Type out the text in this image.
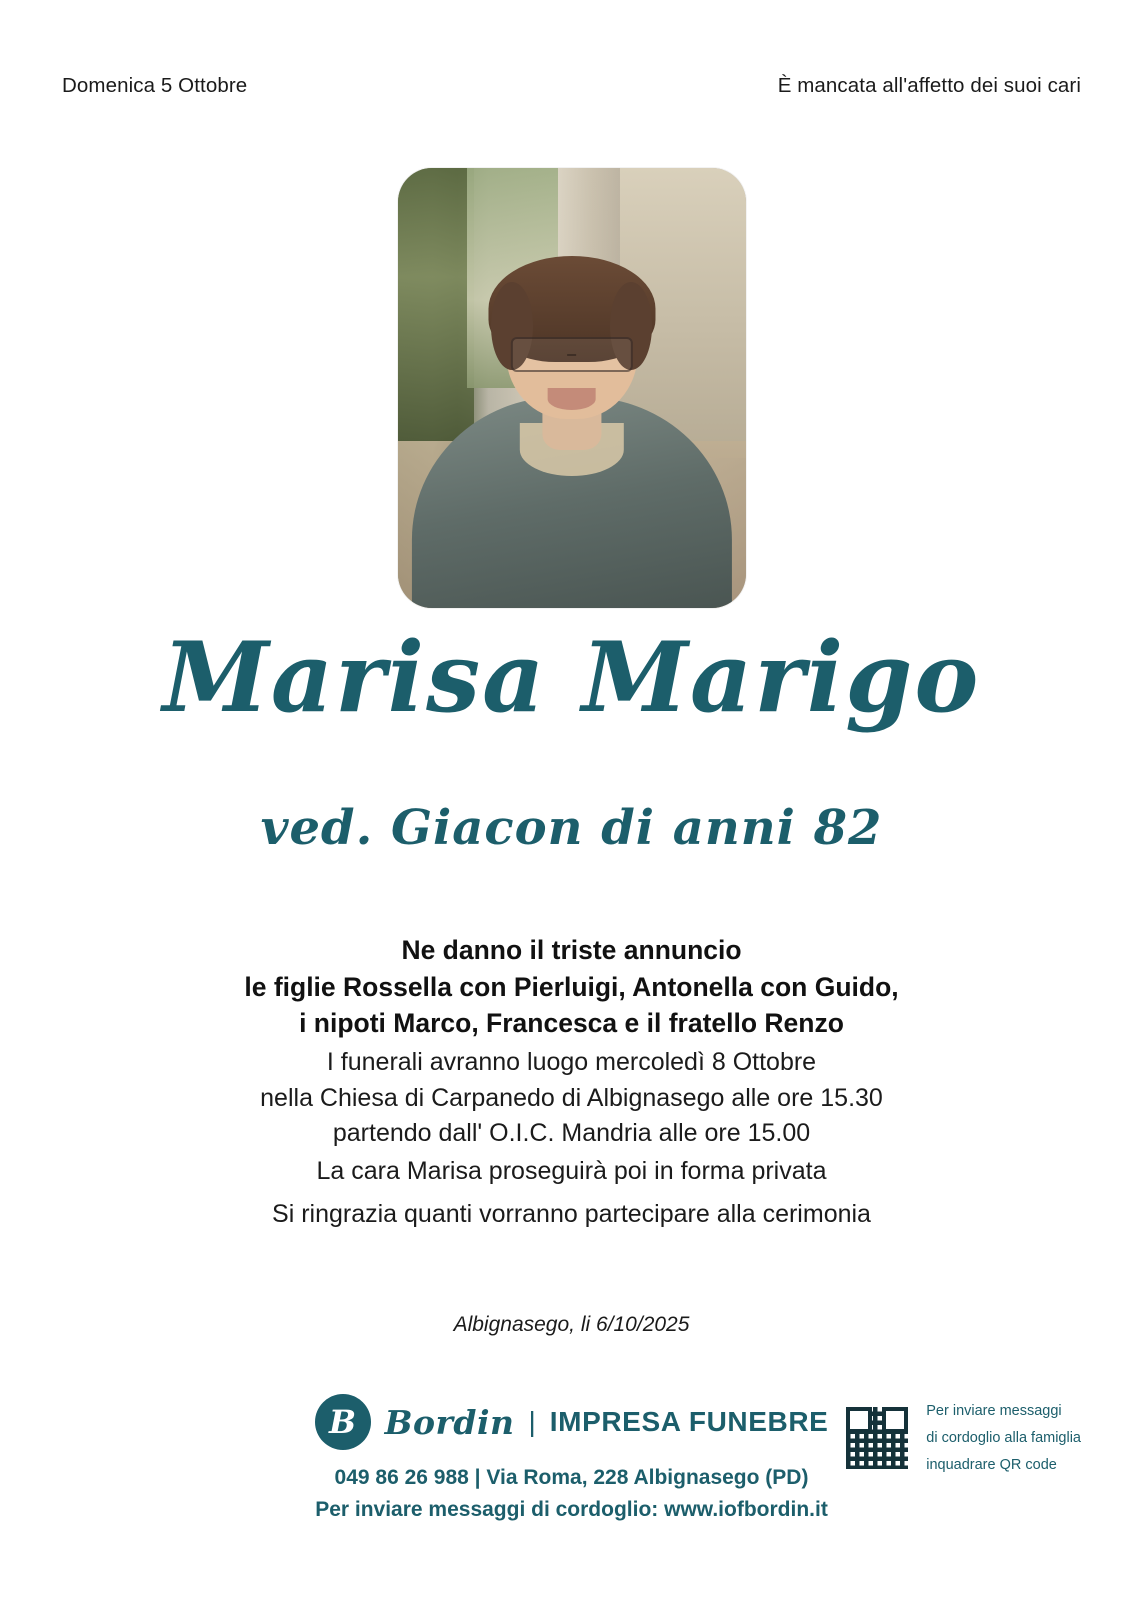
Domenica 5 Ottobre	È mancata all'affetto dei suoi cari
Marisa Marigo
ved. Giacon di anni 82
Ne danno il triste annuncio
le figlie Rossella con Pierluigi, Antonella con Guido,
i nipoti Marco, Francesca e il fratello Renzo
I funerali avranno luogo mercoledì 8 Ottobre
nella Chiesa di Carpanedo di Albignasego alle ore 15.30
partendo dall' O.I.C. Mandria alle ore 15.00
La cara Marisa proseguirà poi in forma privata
Si ringrazia quanti vorranno partecipare alla cerimonia
Albignasego, li 6/10/2025
B Bordin | IMPRESA FUNEBRE
049 86 26 988 | Via Roma, 228 Albignasego (PD)
Per inviare messaggi di cordoglio: www.iofbordin.it
Per inviare messaggi
di cordoglio alla famiglia
inquadrare QR code
